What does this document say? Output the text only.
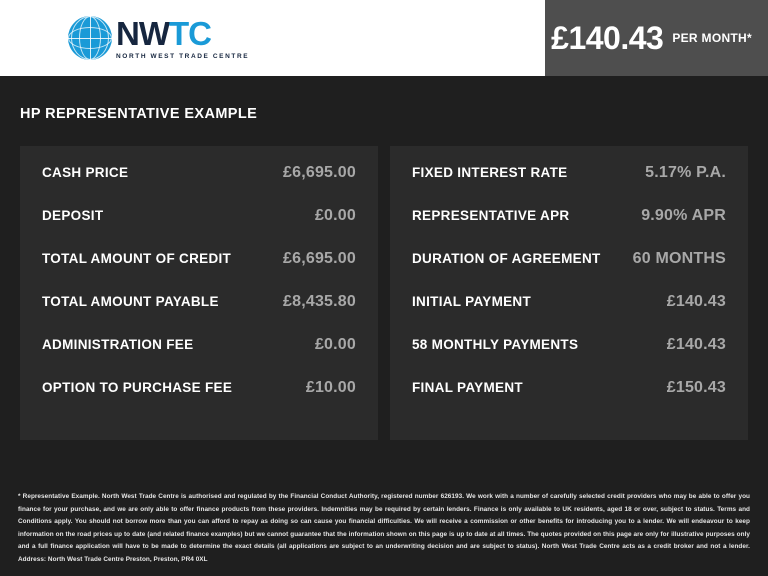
NWTC
NORTH WEST TRADE CENTRE
£140.43 PER MONTH*
HP REPRESENTATIVE EXAMPLE
CASH PRICE	£6,695.00
DEPOSIT	£0.00
TOTAL AMOUNT OF CREDIT	£6,695.00
TOTAL AMOUNT PAYABLE	£8,435.80
ADMINISTRATION FEE	£0.00
OPTION TO PURCHASE FEE	£10.00
FIXED INTEREST RATE	5.17% P.A.
REPRESENTATIVE APR	9.90% APR
DURATION OF AGREEMENT 60 MONTHS
INITIAL PAYMENT	£140.43
58 MONTHLY PAYMENTS	£140.43
FINAL PAYMENT	£150.43
* Representative Example. North West Trade Centre is authorised and regulated by the Financial Conduct Authority, registered number 626193. We work with a number of carefully selected credit providers who may be able to offer you finance for your purchase, and we are only able to offer finance products from these providers. Indemnities may be required by certain lenders. Finance is only available to UK residents, aged 18 or over, subject to status. Terms and Conditions apply. You should not borrow more than you can afford to repay as doing so can cause you financial difficulties. We will receive a commission or other benefits for introducing you to a lender. We will endeavour to keep information on the road prices up to date (and related finance examples) but we cannot guarantee that the information shown on this page is up to date at all times. The quotes provided on this page are only for illustrative purposes only and a full finance application will have to be made to determine the exact details (all applications are subject to an underwriting decision and are subject to status). North West Trade Centre acts as a credit broker and not a lender. Address: North West Trade Centre Preston, Preston, PR4 0XL
